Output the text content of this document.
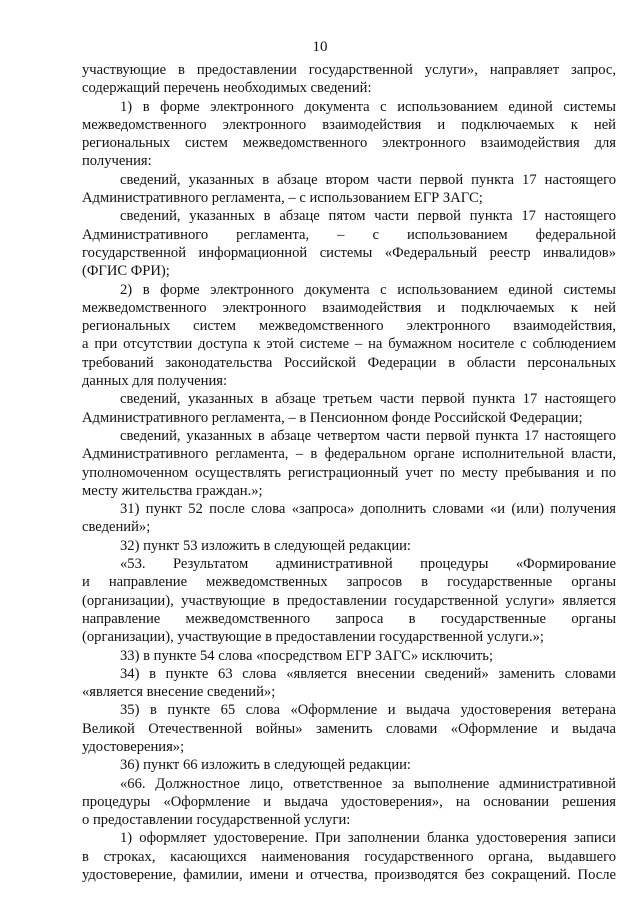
10
участвующие в предоставлении государственной услуги», направляет запрос,
содержащий перечень необходимых сведений:
1) в форме электронного документа с использованием единой системы
межведомственного электронного взаимодействия и подключаемых к ней
региональных систем межведомственного электронного взаимодействия для
получения:
сведений, указанных в абзаце втором части первой пункта 17 настоящего
Административного регламента, – с использованием ЕГР ЗАГС;
сведений, указанных в абзаце пятом части первой пункта 17 настоящего
Административного регламента, – с использованием федеральной
государственной информационной системы «Федеральный реестр инвалидов»
(ФГИС ФРИ);
2) в форме электронного документа с использованием единой системы
межведомственного электронного взаимодействия и подключаемых к ней
региональных систем межведомственного электронного взаимодействия,
а при отсутствии доступа к этой системе – на бумажном носителе с соблюдением
требований законодательства Российской Федерации в области персональных
данных для получения:
сведений, указанных в абзаце третьем части первой пункта 17 настоящего
Административного регламента, – в Пенсионном фонде Российской Федерации;
сведений, указанных в абзаце четвертом части первой пункта 17 настоящего
Административного регламента, – в федеральном органе исполнительной власти,
уполномоченном осуществлять регистрационный учет по месту пребывания и по
месту жительства граждан.»;
31) пункт 52 после слова «запроса» дополнить словами «и (или) получения
сведений»;
32) пункт 53 изложить в следующей редакции:
«53. Результатом административной процедуры «Формирование
и направление межведомственных запросов в государственные органы
(организации), участвующие в предоставлении государственной услуги» является
направление межведомственного запроса в государственные органы
(организации), участвующие в предоставлении государственной услуги.»;
33) в пункте 54 слова «посредством ЕГР ЗАГС» исключить;
34) в пункте 63 слова «является внесении сведений» заменить словами
«является внесение сведений»;
35) в пункте 65 слова «Оформление и выдача удостоверения ветерана
Великой Отечественной войны» заменить словами «Оформление и выдача
удостоверения»;
36) пункт 66 изложить в следующей редакции:
«66. Должностное лицо, ответственное за выполнение административной
процедуры «Оформление и выдача удостоверения», на основании решения
о предоставлении государственной услуги:
1) оформляет удостоверение. При заполнении бланка удостоверения записи
в строках, касающихся наименования государственного органа, выдавшего
удостоверение, фамилии, имени и отчества, производятся без сокращений. После
